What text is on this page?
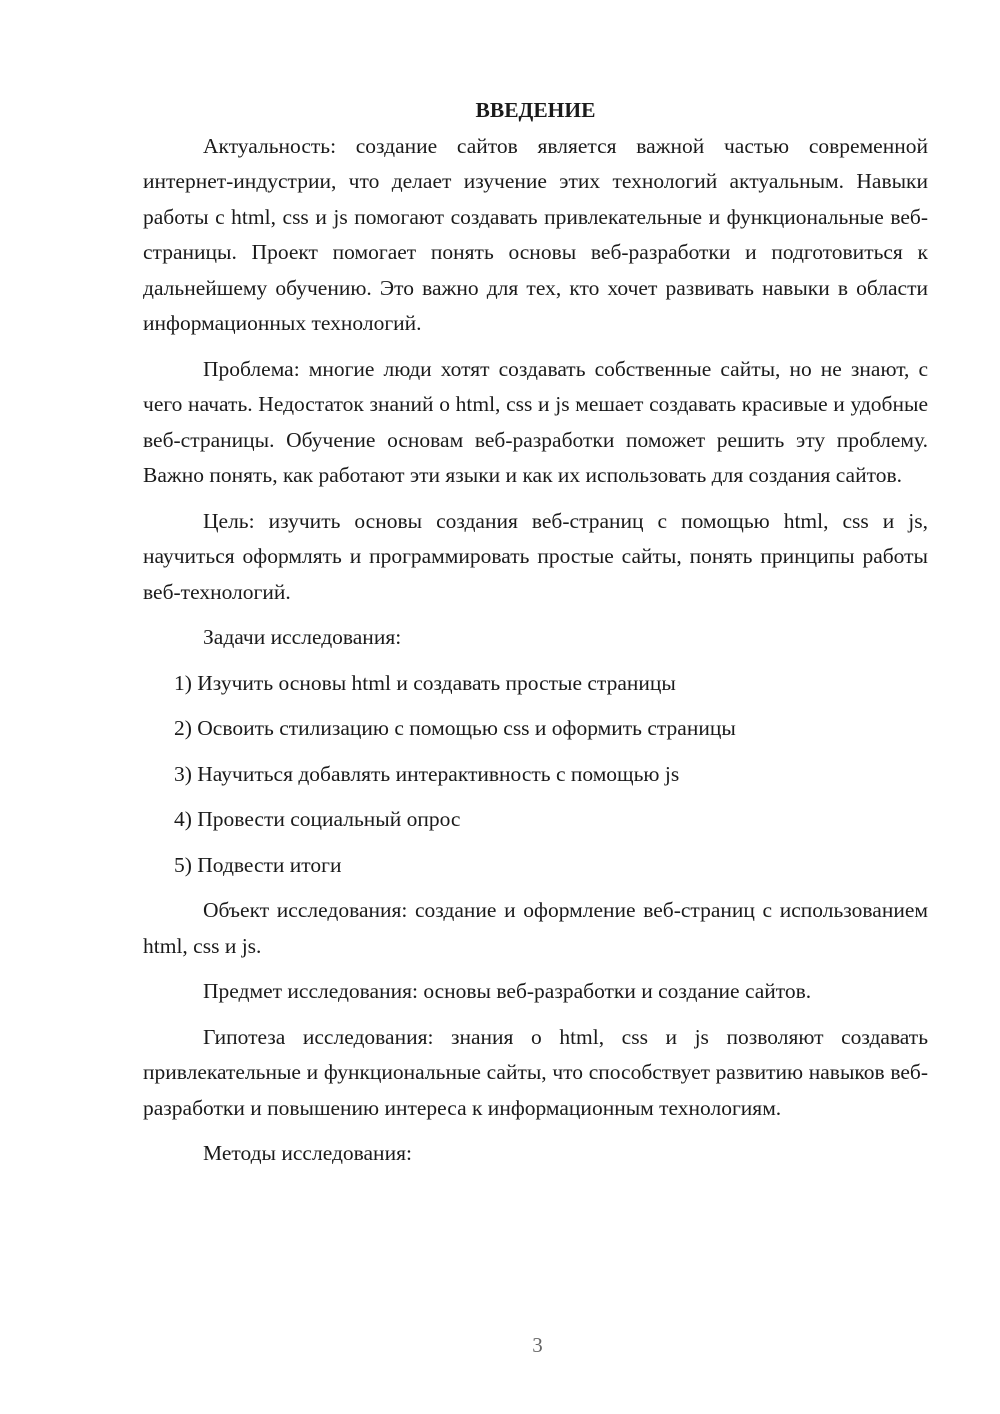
ВВЕДЕНИЕ

Актуальность: создание сайтов является важной частью современной интернет-индустрии, что делает изучение этих технологий актуальным. Навыки работы с html, css и js помогают создавать привлекательные и функциональные веб-страницы. Проект помогает понять основы веб-разработки и подготовиться к дальнейшему обучению. Это важно для тех, кто хочет развивать навыки в области информационных технологий.

Проблема: многие люди хотят создавать собственные сайты, но не знают, с чего начать. Недостаток знаний о html, css и js мешает создавать красивые и удобные веб-страницы. Обучение основам веб-разработки поможет решить эту проблему. Важно понять, как работают эти языки и как их использовать для создания сайтов.

Цель: изучить основы создания веб-страниц с помощью html, css и js, научиться оформлять и программировать простые сайты, понять принципы работы веб-технологий.

Задачи исследования:

1) Изучить основы html и создавать простые страницы
2) Освоить стилизацию с помощью css и оформить страницы
3) Научиться добавлять интерактивность с помощью js
4) Провести социальный опрос
5) Подвести итоги

Объект исследования: создание и оформление веб-страниц с использованием html, css и js.

Предмет исследования: основы веб-разработки и создание сайтов.

Гипотеза исследования: знания о html, css и js позволяют создавать привлекательные и функциональные сайты, что способствует развитию навыков веб-разработки и повышению интереса к информационным технологиям.

Методы исследования:

3
